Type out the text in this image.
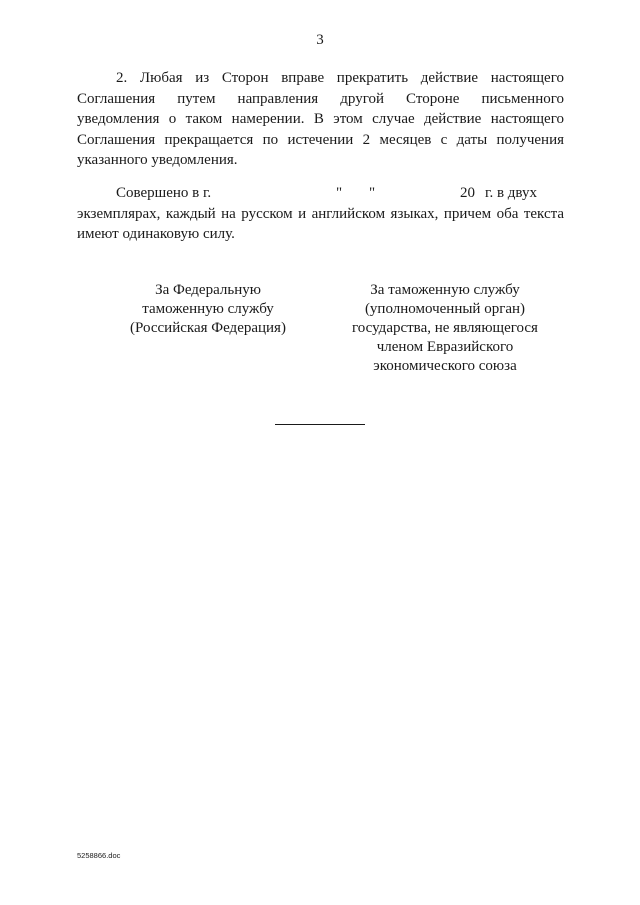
3

2. Любая из Сторон вправе прекратить действие настоящего

Соглашения путем направления другой Стороне письменного

уведомления о таком намерении. В этом случае действие настоящего

Соглашения прекращается по истечении 2 месяцев с даты получения

указанного уведомления.

Совершено в г.	" "	20 г. в двух

экземплярах, каждый на русском и английском языках, причем оба текста

имеют одинаковую силу.

За Федеральную
таможенную службу
(Российская Федерация)
За таможенную службу
(уполномоченный орган)
государства, не являющегося
членом Евразийского
экономического союза
5258866.doc
